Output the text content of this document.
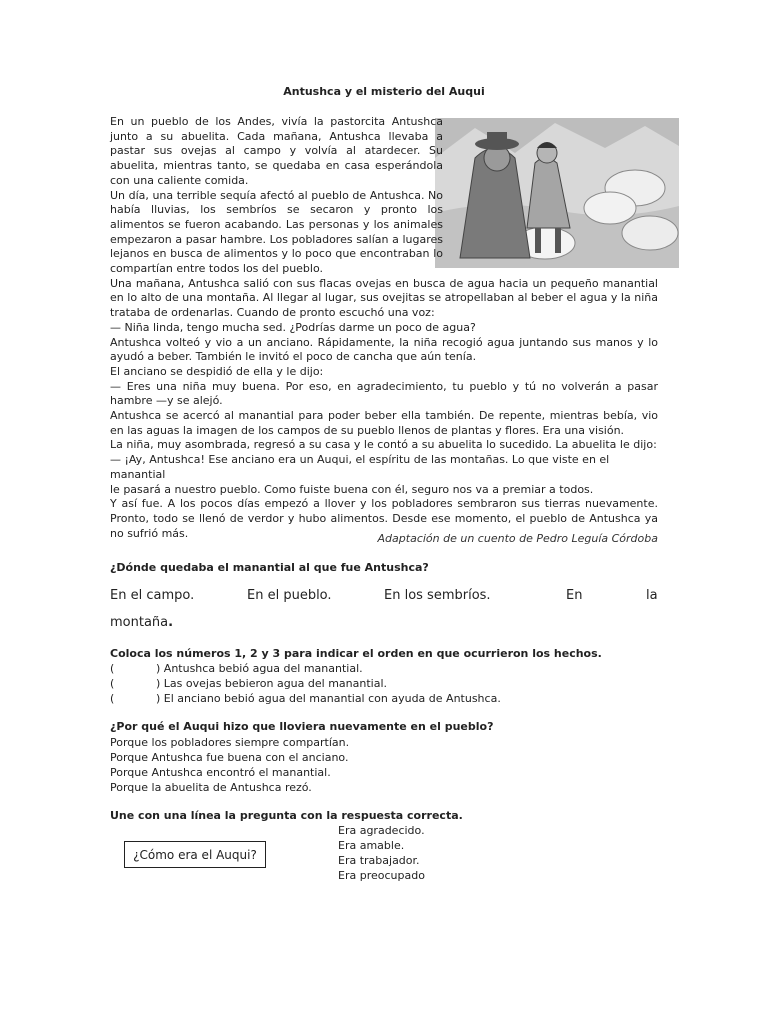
Antushca y el misterio del Auqui

En un pueblo de los Andes, vivía la pastorcita Antushca junto a su abuelita. Cada mañana, Antushca llevaba a pastar sus ovejas al campo y volvía al atardecer. Su abuelita, mientras tanto, se quedaba en casa esperándola con una caliente comida.

Un día, una terrible sequía afectó al pueblo de Antushca. No había lluvias, los sembríos se secaron y pronto los alimentos se fueron acabando. Las personas y los animales empezaron a pasar hambre. Los pobladores salían a lugares lejanos en busca de alimentos y lo poco que encontraban lo compartían entre todos los del pueblo.

Una mañana, Antushca salió con sus flacas ovejas en busca de agua hacia un pequeño manantial en lo alto de una montaña. Al llegar al lugar, sus ovejitas se atropellaban al beber el agua y la niña trataba de ordenarlas. Cuando de pronto escuchó una voz:

— Niña linda, tengo mucha sed. ¿Podrías darme un poco de agua?

Antushca volteó y vio a un anciano. Rápidamente, la niña recogió agua juntando sus manos y lo ayudó a beber. También le invitó el poco de cancha que aún tenía.

El anciano se despidió de ella y le dijo:

— Eres una niña muy buena. Por eso, en agradecimiento, tu pueblo y tú no volverán a pasar hambre —y se alejó.

Antushca se acercó al manantial para poder beber ella también. De repente, mientras bebía, vio en las aguas la imagen de los campos de su pueblo llenos de plantas y flores. Era una visión.

La niña, muy asombrada, regresó a su casa y le contó a su abuelita lo sucedido. La abuelita le dijo:

— ¡Ay, Antushca! Ese anciano era un Auqui, el espíritu de las montañas. Lo que viste en el manantial

le pasará a nuestro pueblo. Como fuiste buena con él, seguro nos va a premiar a todos.

Y así fue. A los pocos días empezó a llover y los pobladores sembraron sus tierras nuevamente. Pronto, todo se llenó de verdor y hubo alimentos. Desde ese momento, el pueblo de Antushca ya no sufrió más.	Adaptación de un cuento de Pedro Leguía Córdoba
¿Dónde quedaba el manantial al que fue Antushca?
En el campo.	En el pueblo.	En los sembríos.	En	la
montaña.
Coloca los números 1, 2 y 3 para indicar el orden en que ocurrieron los hechos.
(	) Antushca bebió agua del manantial.
(	) Las ovejas bebieron agua del manantial.
(	) El anciano bebió agua del manantial con ayuda de Antushca.
¿Por qué el Auqui hizo que lloviera nuevamente en el pueblo?
Porque los pobladores siempre compartían.
Porque Antushca fue buena con el anciano.
Porque Antushca encontró el manantial.
Porque la abuelita de Antushca rezó.
Une con una línea la pregunta con la respuesta correcta.
¿Cómo era el Auqui?
Era agradecido.
Era amable.
Era trabajador.
Era preocupado
